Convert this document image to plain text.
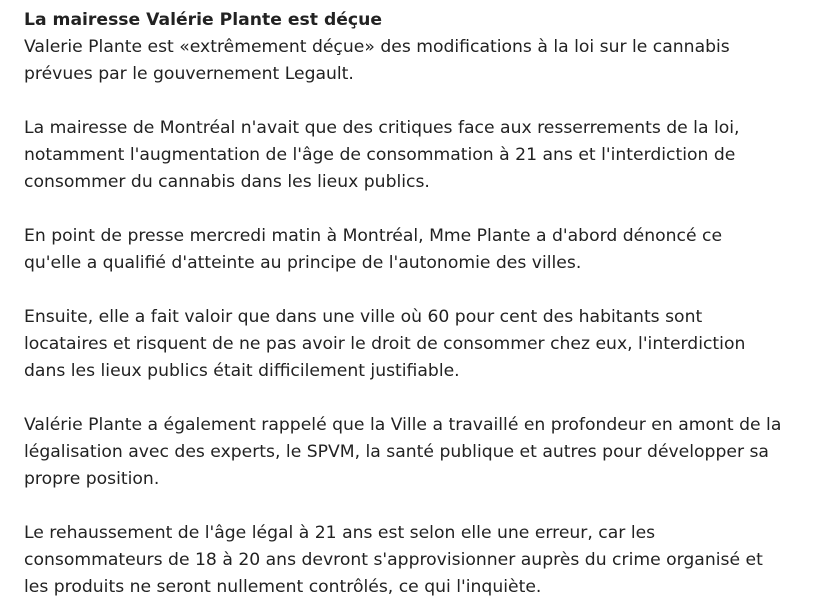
La mairesse Valérie Plante est déçue

Valerie Plante est «extrêmement déçue» des modifications à la loi sur le cannabis prévues par le gouvernement Legault.

La mairesse de Montréal n'avait que des critiques face aux resserrements de la loi, notamment l'augmentation de l'âge de consommation à 21 ans et l'interdiction de consommer du cannabis dans les lieux publics.

En point de presse mercredi matin à Montréal, Mme Plante a d'abord dénoncé ce qu'elle a qualifié d'atteinte au principe de l'autonomie des villes.

Ensuite, elle a fait valoir que dans une ville où 60 pour cent des habitants sont locataires et risquent de ne pas avoir le droit de consommer chez eux, l'interdiction dans les lieux publics était difficilement justifiable.

Valérie Plante a également rappelé que la Ville a travaillé en profondeur en amont de la légalisation avec des experts, le SPVM, la santé publique et autres pour développer sa propre position.

Le rehaussement de l'âge légal à 21 ans est selon elle une erreur, car les consommateurs de 18 à 20 ans devront s'approvisionner auprès du crime organisé et les produits ne seront nullement contrôlés, ce qui l'inquiète.
